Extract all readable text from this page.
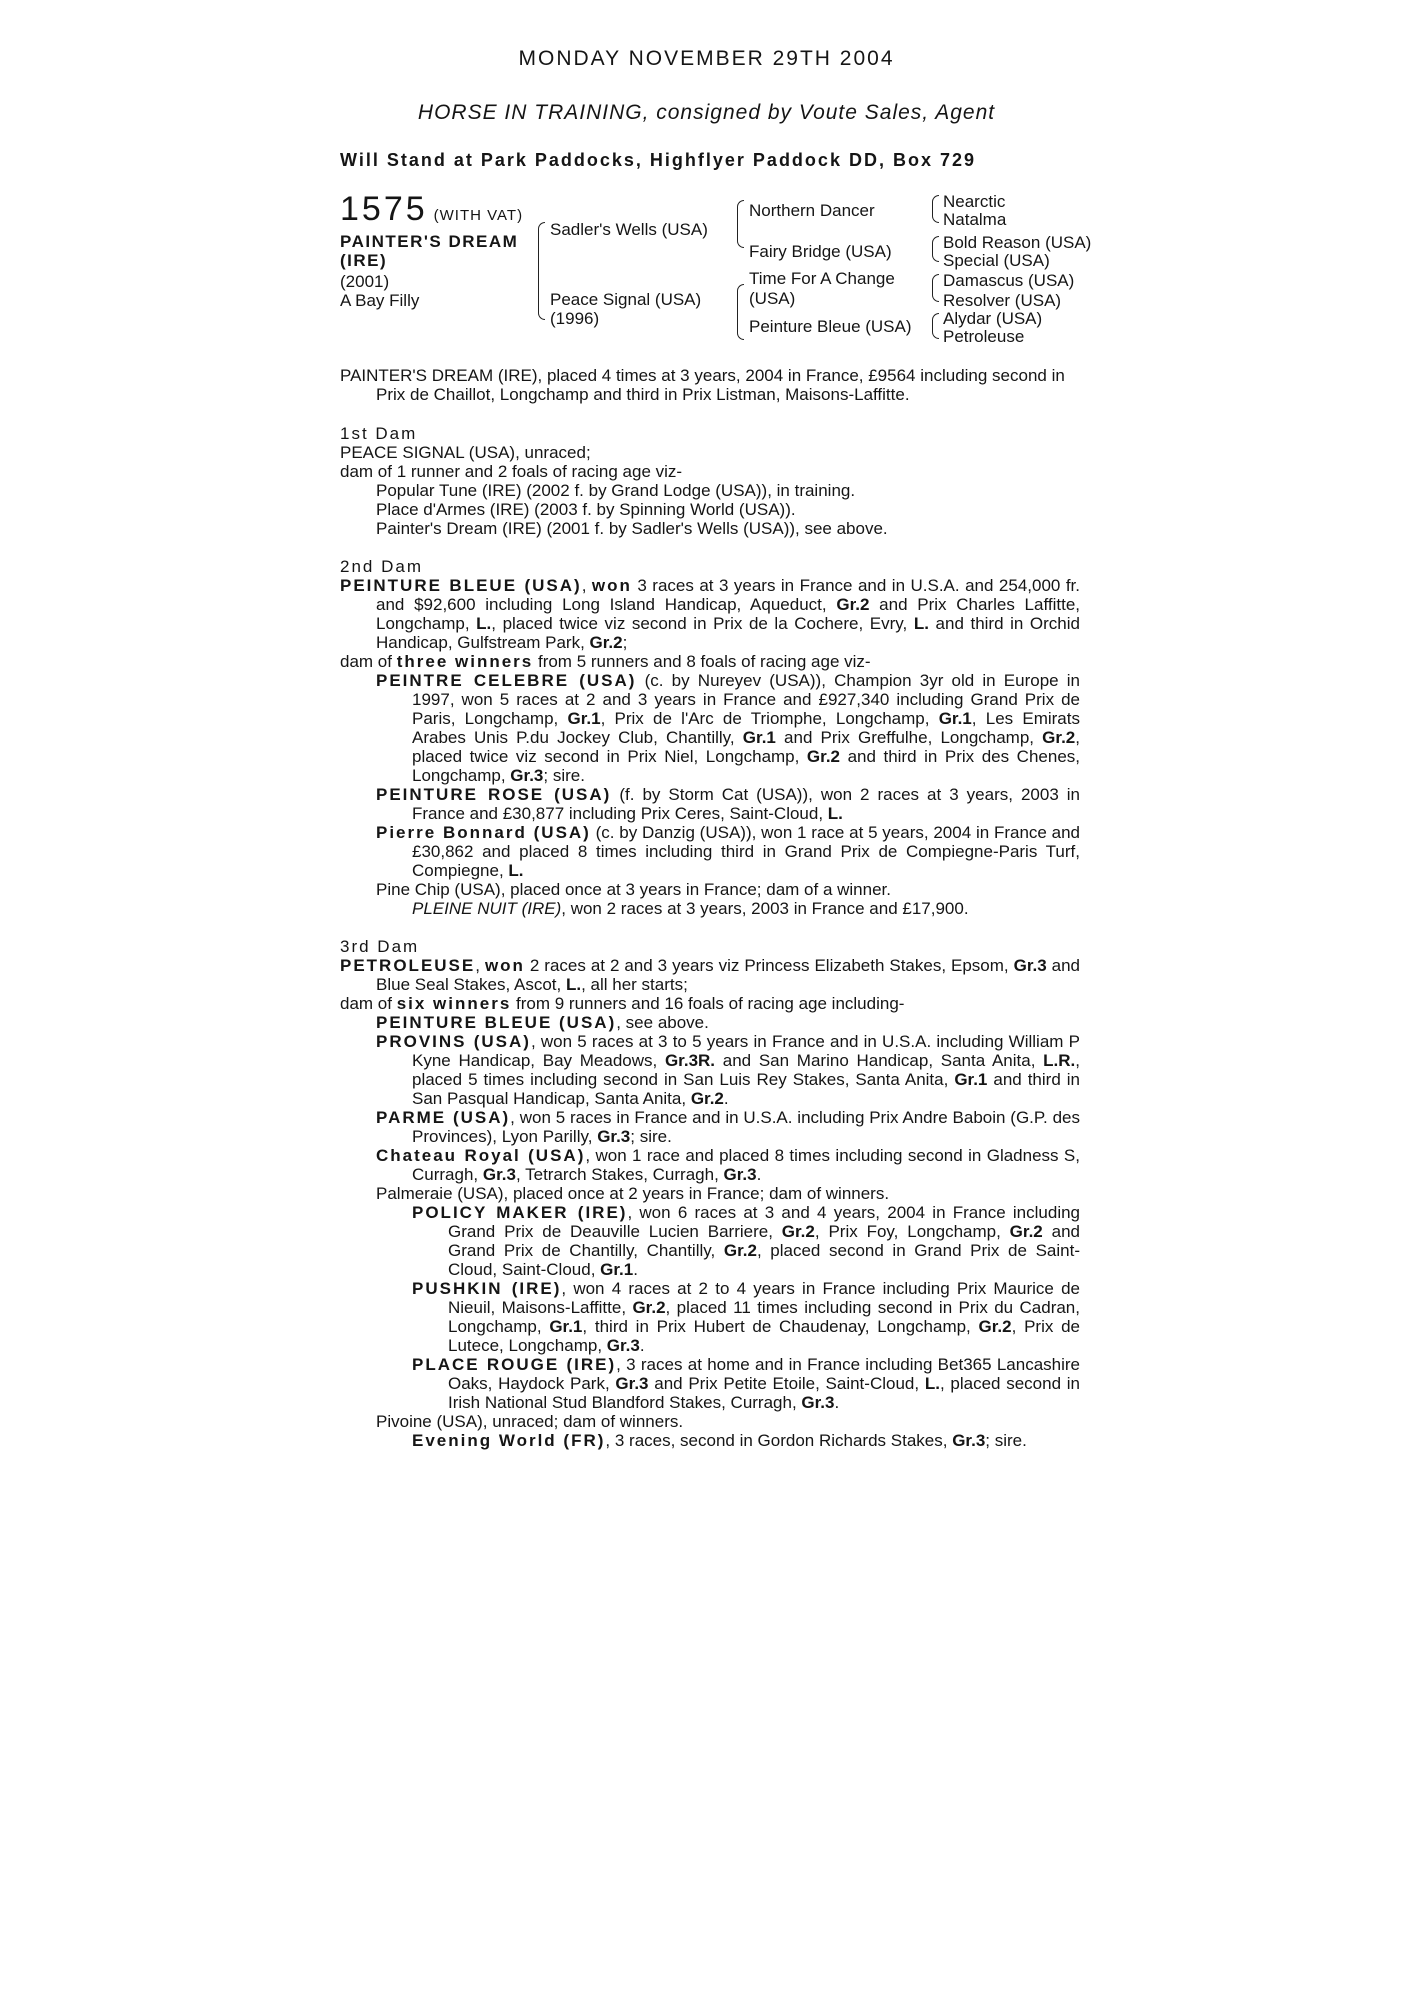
MONDAY NOVEMBER 29TH 2004
HORSE IN TRAINING, consigned by Voute Sales, Agent
Will Stand at Park Paddocks, Highflyer Paddock DD, Box 729
1575 (WITH VAT)
PAINTER'S DREAM (IRE)
(2001)
A Bay Filly
Sadler's Wells (USA)
Peace Signal (USA)
(1996)
Northern Dancer
Fairy Bridge (USA)
Time For A Change
(USA)
Peinture Bleue (USA)
Nearctic
Natalma
Bold Reason (USA)
Special (USA)
Damascus (USA)
Resolver (USA)
Alydar (USA)
Petroleuse

PAINTER'S DREAM (IRE), placed 4 times at 3 years, 2004 in France, £9564 including second in Prix de Chaillot, Longchamp and third in Prix Listman, Maisons-Laffitte.

1st Dam

PEACE SIGNAL (USA), unraced;

dam of 1 runner and 2 foals of racing age viz-

Popular Tune (IRE) (2002 f. by Grand Lodge (USA)), in training.

Place d'Armes (IRE) (2003 f. by Spinning World (USA)).

Painter's Dream (IRE) (2001 f. by Sadler's Wells (USA)), see above.

2nd Dam

PEINTURE BLEUE (USA), won 3 races at 3 years in France and in U.S.A. and 254,000 fr. and $92,600 including Long Island Handicap, Aqueduct, Gr.2 and Prix Charles Laffitte, Longchamp, L., placed twice viz second in Prix de la Cochere, Evry, L. and third in Orchid Handicap, Gulfstream Park, Gr.2;

dam of three winners from 5 runners and 8 foals of racing age viz-

PEINTRE CELEBRE (USA) (c. by Nureyev (USA)), Champion 3yr old in Europe in 1997, won 5 races at 2 and 3 years in France and £927,340 including Grand Prix de Paris, Longchamp, Gr.1, Prix de l'Arc de Triomphe, Longchamp, Gr.1, Les Emirats Arabes Unis P.du Jockey Club, Chantilly, Gr.1 and Prix Greffulhe, Longchamp, Gr.2, placed twice viz second in Prix Niel, Longchamp, Gr.2 and third in Prix des Chenes, Longchamp, Gr.3; sire.

PEINTURE ROSE (USA) (f. by Storm Cat (USA)), won 2 races at 3 years, 2003 in France and £30,877 including Prix Ceres, Saint-Cloud, L.

Pierre Bonnard (USA) (c. by Danzig (USA)), won 1 race at 5 years, 2004 in France and £30,862 and placed 8 times including third in Grand Prix de Compiegne-Paris Turf, Compiegne, L.

Pine Chip (USA), placed once at 3 years in France; dam of a winner.

PLEINE NUIT (IRE), won 2 races at 3 years, 2003 in France and £17,900.

3rd Dam

PETROLEUSE, won 2 races at 2 and 3 years viz Princess Elizabeth Stakes, Epsom, Gr.3 and Blue Seal Stakes, Ascot, L., all her starts;

dam of six winners from 9 runners and 16 foals of racing age including-

PEINTURE BLEUE (USA), see above.

PROVINS (USA), won 5 races at 3 to 5 years in France and in U.S.A. including William P Kyne Handicap, Bay Meadows, Gr.3R. and San Marino Handicap, Santa Anita, L.R., placed 5 times including second in San Luis Rey Stakes, Santa Anita, Gr.1 and third in San Pasqual Handicap, Santa Anita, Gr.2.

PARME (USA), won 5 races in France and in U.S.A. including Prix Andre Baboin (G.P. des Provinces), Lyon Parilly, Gr.3; sire.

Chateau Royal (USA), won 1 race and placed 8 times including second in Gladness S, Curragh, Gr.3, Tetrarch Stakes, Curragh, Gr.3.

Palmeraie (USA), placed once at 2 years in France; dam of winners.

POLICY MAKER (IRE), won 6 races at 3 and 4 years, 2004 in France including Grand Prix de Deauville Lucien Barriere, Gr.2, Prix Foy, Longchamp, Gr.2 and Grand Prix de Chantilly, Chantilly, Gr.2, placed second in Grand Prix de Saint-Cloud, Saint-Cloud, Gr.1.

PUSHKIN (IRE), won 4 races at 2 to 4 years in France including Prix Maurice de Nieuil, Maisons-Laffitte, Gr.2, placed 11 times including second in Prix du Cadran, Longchamp, Gr.1, third in Prix Hubert de Chaudenay, Longchamp, Gr.2, Prix de Lutece, Longchamp, Gr.3.

PLACE ROUGE (IRE), 3 races at home and in France including Bet365 Lancashire Oaks, Haydock Park, Gr.3 and Prix Petite Etoile, Saint-Cloud, L., placed second in Irish National Stud Blandford Stakes, Curragh, Gr.3.

Pivoine (USA), unraced; dam of winners.

Evening World (FR), 3 races, second in Gordon Richards Stakes, Gr.3; sire.
